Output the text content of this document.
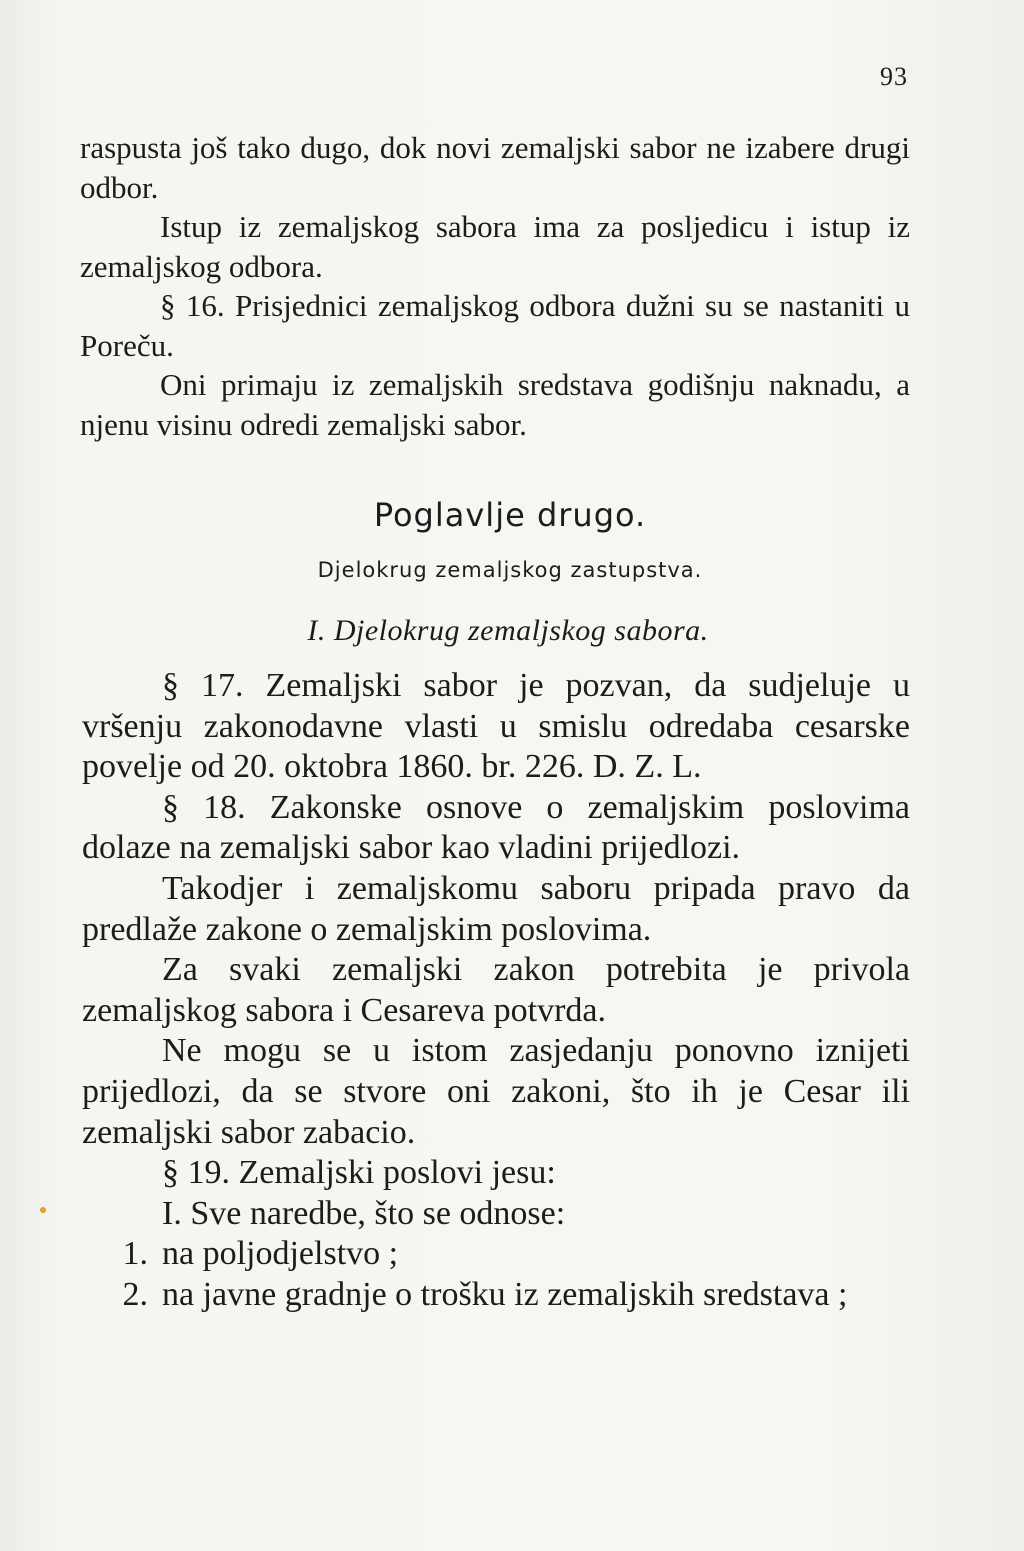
93

raspusta još tako dugo, dok novi zemaljski sabor ne izabere drugi odbor.

Istup iz zemaljskog sabora ima za posljedicu i istup iz zemaljskog odbora.

§ 16. Prisjednici zemaljskog odbora dužni su se nastaniti u Poreču.

Oni primaju iz zemaljskih sredstava godišnju naknadu, a njenu visinu odredi zemaljski sabor.

Poglavlje drugo.
Djelokrug zemaljskog zastupstva.
I. Djelokrug zemaljskog sabora.

§ 17. Zemaljski sabor je pozvan, da sudjeluje u vršenju zakonodavne vlasti u smislu odredaba cesarske povelje od 20. oktobra 1860. br. 226. D. Z. L.

§ 18. Zakonske osnove o zemaljskim poslovima dolaze na zemaljski sabor kao vladini prijedlozi.

Takodjer i zemaljskomu saboru pripada pravo da predlaže zakone o zemaljskim poslovima.

Za svaki zemaljski zakon potrebita je privola zemaljskog sabora i Cesareva potvrda.

Ne mogu se u istom zasjedanju ponovno iznijeti prijedlozi, da se stvore oni zakoni, što ih je Cesar ili zemaljski sabor zabacio.

§ 19. Zemaljski poslovi jesu:

I. Sve naredbe, što se odnose:

1. na poljodjelstvo ;
2. na javne gradnje o trošku iz zemaljskih sredstava ;
